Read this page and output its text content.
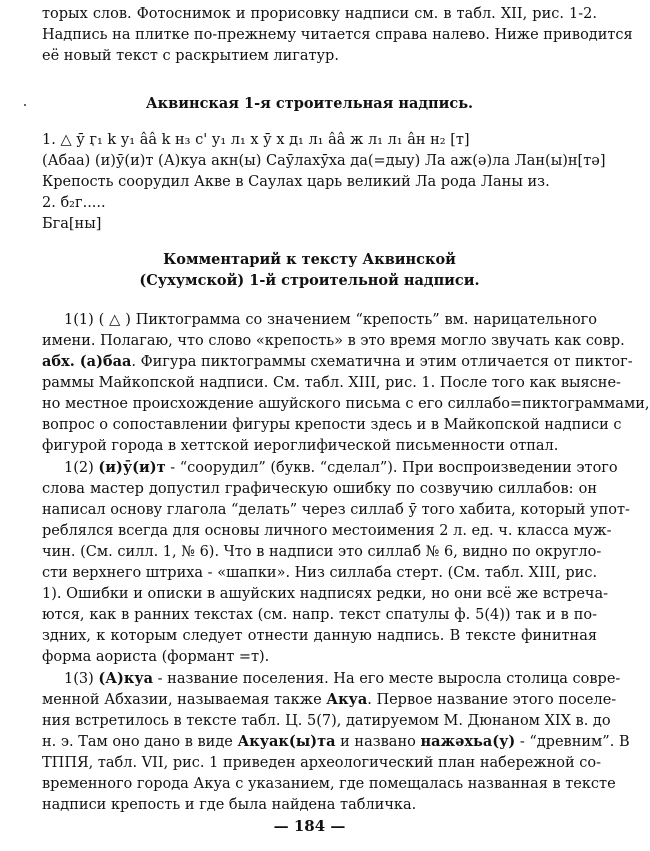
торых слов. Фотоснимок и прорисовку надписи см. в табл. XII, рис. 1-2.
Надпись на плитке по-прежнему читается справа налево. Ниже приводится
её новый текст с раскрытием лигатур.
Аквинская 1-я строительная надпись.
1. △ ӯ ӷ₁ k у₁ ââ k н₃ с' у₁ л₁ х ӯ х д₁ л₁ ââ ж л₁ л₁ âн н₂ [т]
(Абаа) (и)ӯ(и)т (А)куа акн(ы) Саӯлахӯха да(=дыу) Ла аж(ә)ла Лан(ы)н[тә]
Крепость соорудил Акве в Саулах царь великий Ла рода Ланы из.
2. б₂г.....
Бга[ны]
Комментарий к тексту Аквинской
(Сухумской) 1-й строительной надписи.
1(1) ( △ ) Пиктограмма со значением “крепость” вм. нарицательного
имени. Полагаю, что слово «крепость» в это время могло звучать как совр.
абх. (а)баа. Фигура пиктограммы схематична и этим отличается от пиктог-
раммы Майкопской надписи. См. табл. XIII, рис. 1. После того как выясне-
но местное происхождение ашуйского письма с его силлабо=пиктограммами,
вопрос о сопоставлении фигуры крепости здесь и в Майкопской надписи с
фигурой города в хеттской иероглифической письменности отпал.
1(2) (и)ӯ(и)т - “соорудил” (букв. “сделал”). При воспроизведении этого
слова мастер допустил графическую ошибку по созвучию силлабов: он
написал основу глагола “делать” через силлаб ӯ того хабита, который упот-
реблялся всегда для основы личного местоимения 2 л. ед. ч. класса муж-
чин. (См. силл. 1, № 6). Что в надписи это силлаб № 6, видно по округло-
сти верхнего штриха - «шапки». Низ силлаба стерт. (См. табл. XIII, рис.
1). Ошибки и описки в ашуйских надписях редки, но они всё же встреча-
ются, как в ранних текстах (см. напр. текст спатулы ф. 5(4)) так и в по-
здних, к которым следует отнести данную надпись. В тексте финитная
форма аориста (формант =т).
1(3) (А)куа - название поселения. На его месте выросла столица совре-
менной Абхазии, называемая также Акуа. Первое название этого поселе-
ния встретилось в тексте табл. Ц. 5(7), датируемом М. Дюнаном XIX в. до
н. э. Там оно дано в виде Акуак(ы)та и названо нажәхьа(у) - “древним”. В
ТППЯ, табл. VII, рис. 1 приведен археологический план набережной со-
временного города Акуа с указанием, где помещалась названная в тексте
надписи крепость и где была найдена табличка.
— 184 —
